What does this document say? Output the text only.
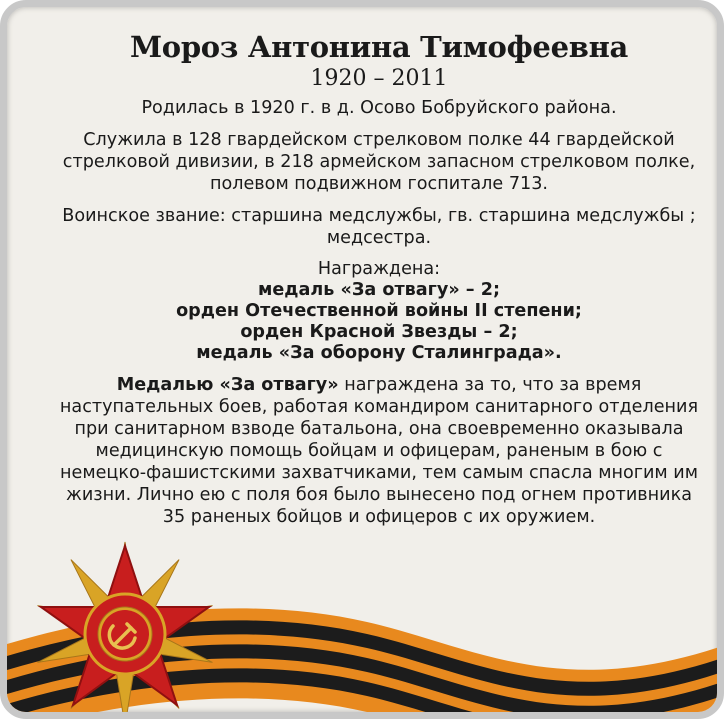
Мороз Антонина Тимофеевна
1920 – 2011

Родилась в 1920 г. в д. Осово Бобруйского района.

Служила в 128 гвардейском стрелковом полке 44 гвардейской стрелковой дивизии, в 218 армейском запасном стрелковом полке, полевом подвижном госпитале 713.

Воинское звание: старшина медслужбы, гв. старшина медслужбы ; медсестра.

Награждена:
медаль «За отвагу» – 2;
орден Отечественной войны II степени;
орден Красной Звезды – 2;
медаль «За оборону Сталинграда».

Медалью «За отвагу» награждена за то, что за время наступательных боев, работая командиром санитарного отделения при санитарном взводе батальона, она своевременно оказывала медицинскую помощь бойцам и офицерам, раненым в бою с немецко-фашистскими захватчиками, тем самым спасла многим им жизни. Лично ею с поля боя было вынесено под огнем противника 35 раненых бойцов и офицеров с их оружием.
